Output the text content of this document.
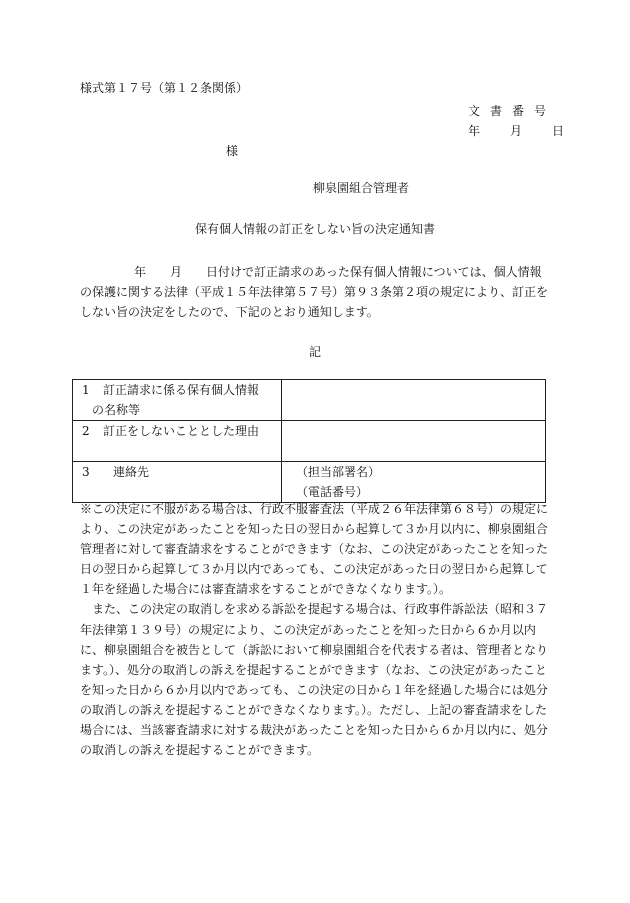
様式第１７号（第１２条関係）
文書番号
年	月	日
様
柳泉園組合管理者
保有個人情報の訂正をしない旨の決定通知書
年 月 日付けで訂正請求のあった保有個人情報については、個人情報の保護に関する法律（平成１５年法律第５７号）第９３条第２項の規定により、訂正をしない旨の決定をしたので、下記のとおり通知します。
記
1 訂正請求に係る保有個人情報
の名称等	

2 訂正をしないこととした理由	

3 連絡先	（担当部署名）
（電話番号）

※この決定に不服がある場合は、行政不服審査法（平成２６年法律第６８号）の規定により、この決定があったことを知った日の翌日から起算して３か月以内に、柳泉園組合管理者に対して審査請求をすることができます（なお、この決定があったことを知った日の翌日から起算して３か月以内であっても、この決定があった日の翌日から起算して１年を経過した場合には審査請求をすることができなくなります。）。

また、この決定の取消しを求める訴訟を提起する場合は、行政事件訴訟法（昭和３７年法律第１３９号）の規定により、この決定があったことを知った日から６か月以内に、柳泉園組合を被告として（訴訟において柳泉園組合を代表する者は、管理者となります。）、処分の取消しの訴えを提起することができます（なお、この決定があったことを知った日から６か月以内であっても、この決定の日から１年を経過した場合には処分の取消しの訴えを提起することができなくなります。）。ただし、上記の審査請求をした場合には、当該審査請求に対する裁決があったことを知った日から６か月以内に、処分の取消しの訴えを提起することができます。
